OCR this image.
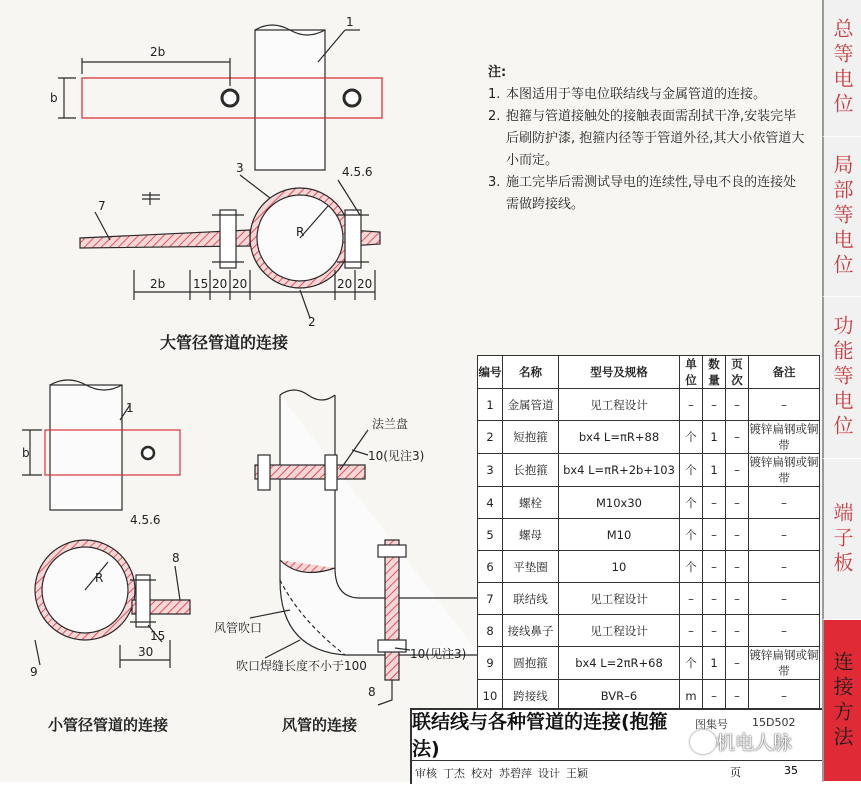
2b
b
1
3	4.5.6
7
R
2b 15 20 20	20 20
2
大管径管道的连接
1
b
4.5.6
8
R
15
9
30
小管径管道的连接
法兰盘
10(见注3)
风管吹口
吹口焊缝长度不小于100
10(见注3)
8
风管的连接
注:
1. 本图适用于等电位联结线与金属管道的连接。
2. 抱箍与管道接触处的接触表面需刮拭干净,安装完毕后刷防护漆, 抱箍内径等于管道外径,其大小依管道大小而定。
3. 施工完毕后需测试导电的连续性,导电不良的连接处需做跨接线。
编号	名称	型号及规格	单位	数量	页次	备注
1	金属管道	见工程设计	–	–	–	–
2	短抱箍	bx4 L=πR+88	个	1	–	镀锌扁钢或铜带
3	长抱箍	bx4 L=πR+2b+103	个	1	–	镀锌扁钢或铜带
4	螺栓	M10x30	个	–	–	–
5	螺母	M10	个	–	–	–
6	平垫圈	10	个	–	–	–
7	联结线	见工程设计	–	–	–	–
8	接线鼻子	见工程设计	–	–	–	–
9	圆抱箍	bx4 L=2πR+68	个	1	–	镀锌扁钢或铜带
10	跨接线	BVR–6	m	–	–	–
联结线与各种管道的连接(抱箍法)
图集号 15D502
审核 丁杰 校对 苏碧萍 设计 王颖	页	35
机电人脉
总等电位
局部等电位
功能等电位
端子板
连接方法
